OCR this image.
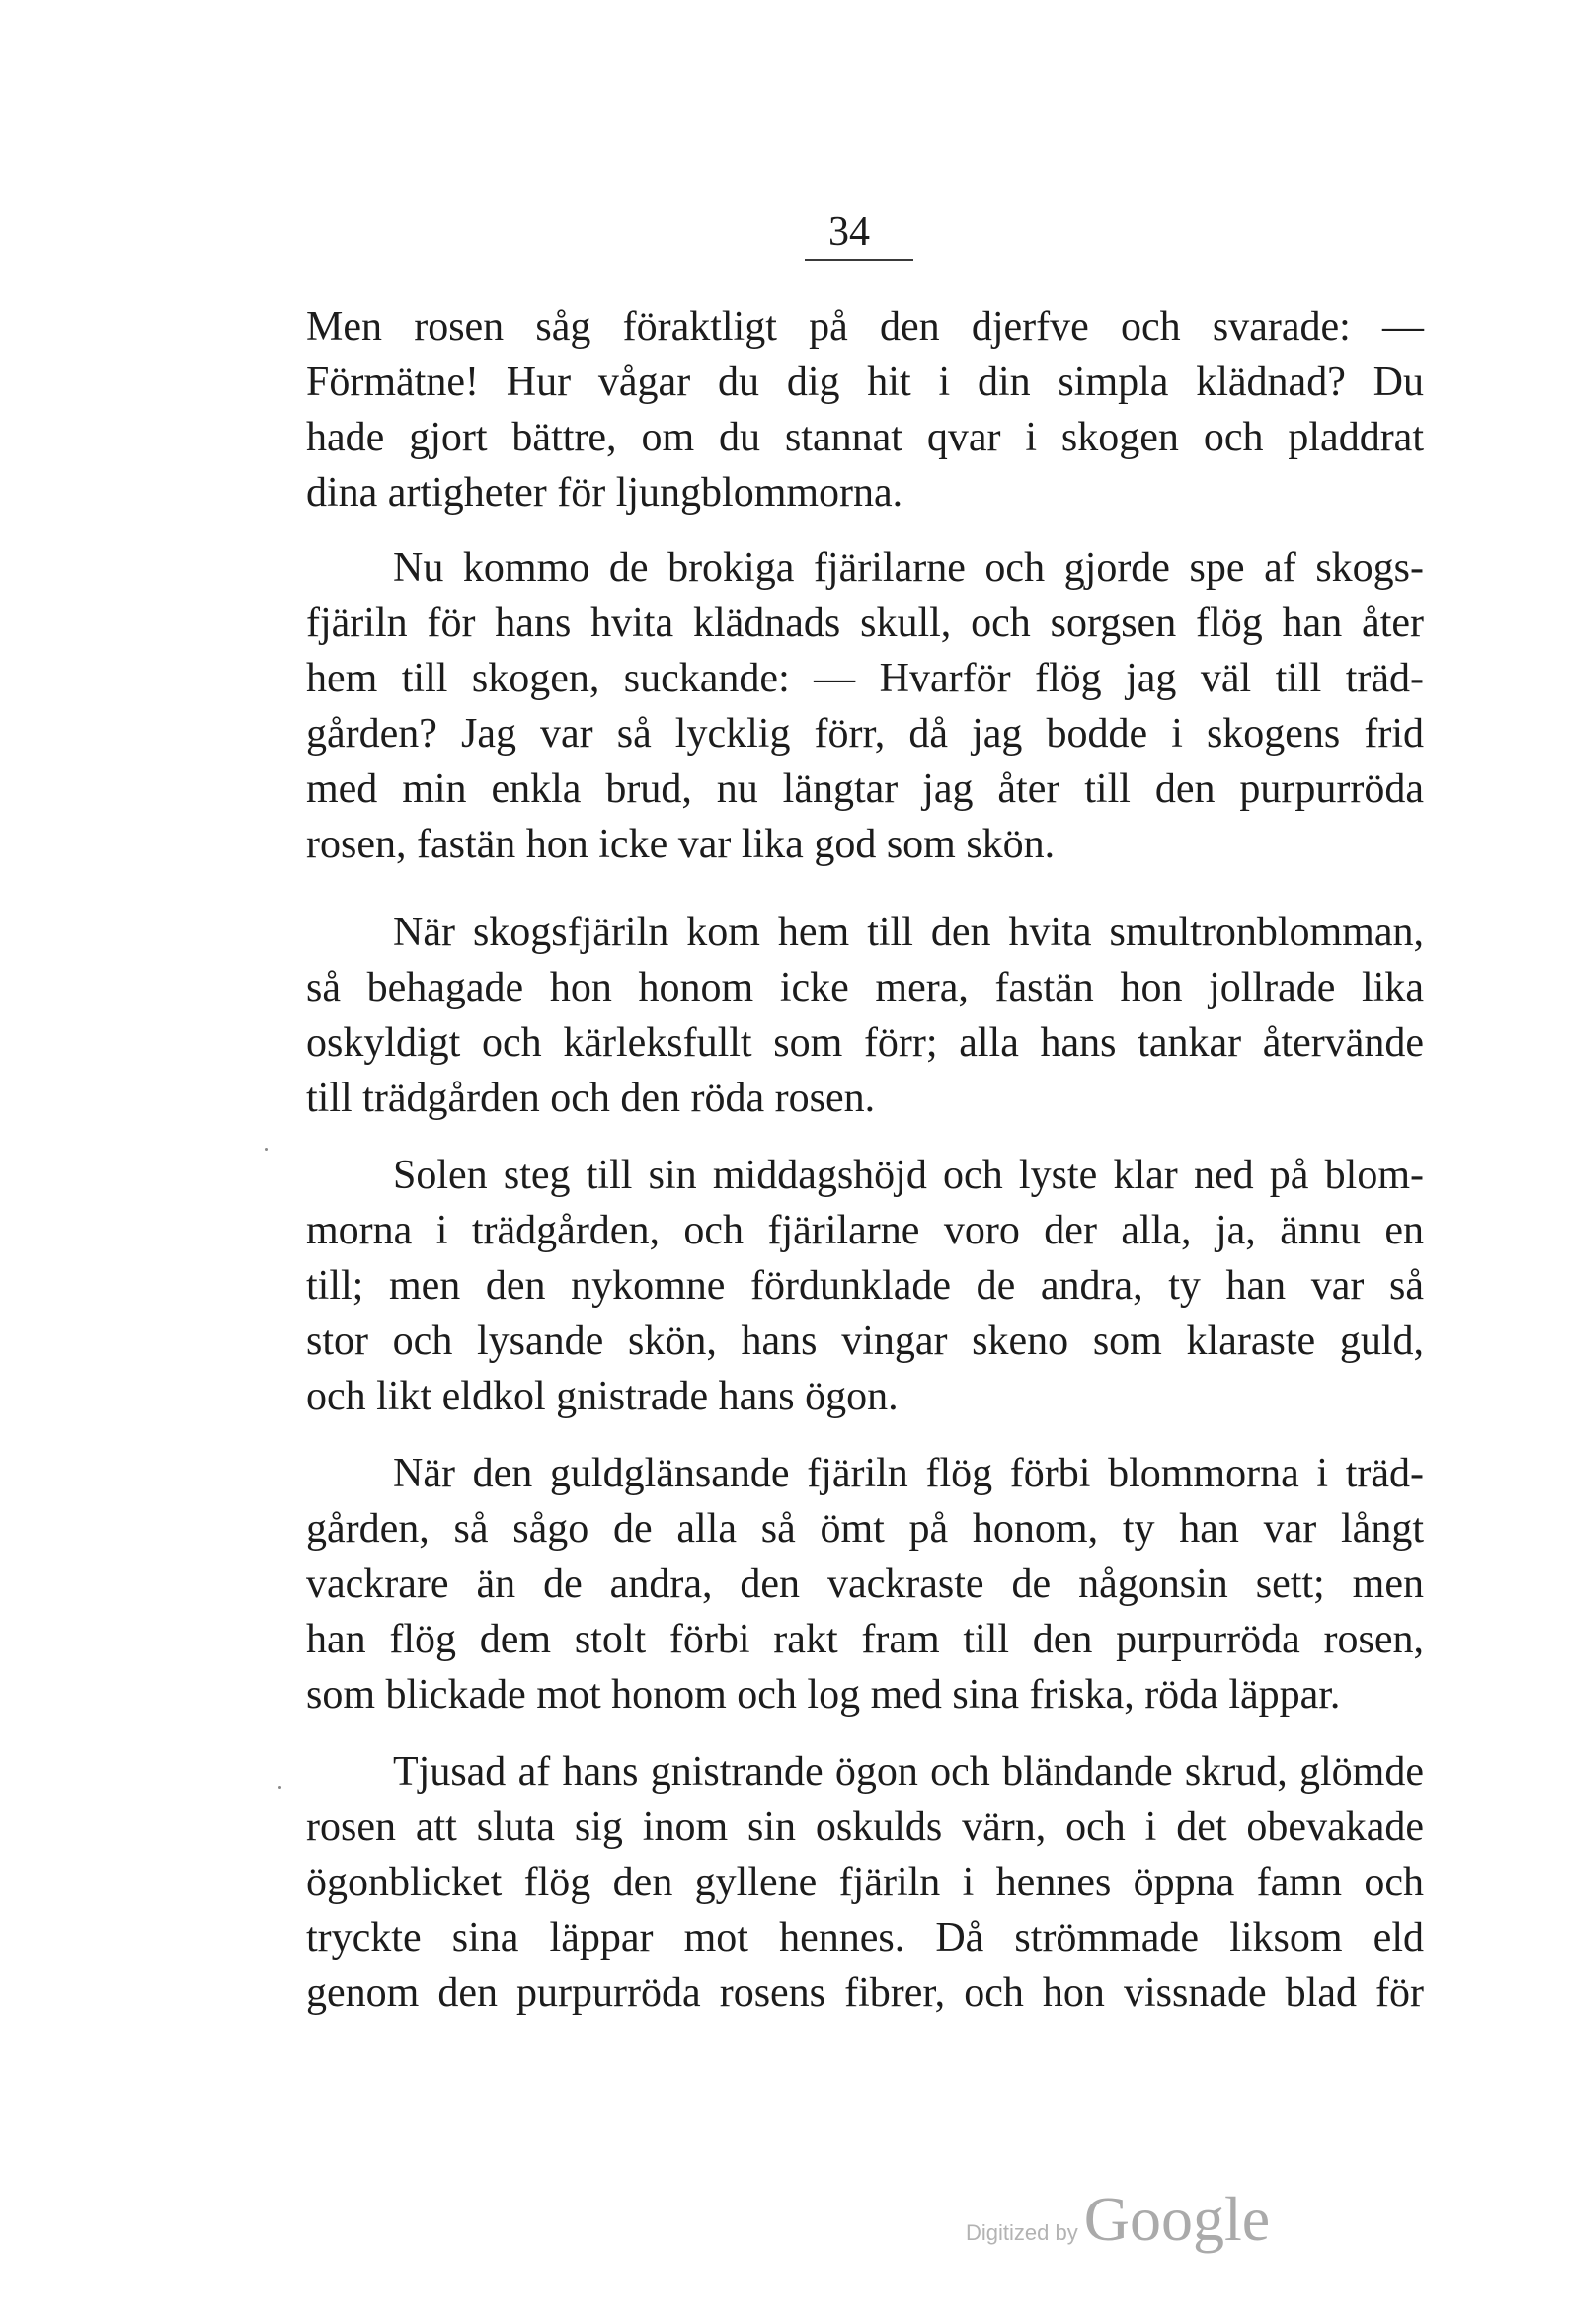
34
Men rosen såg föraktligt på den djerfve och svarade: —
Förmätne! Hur vågar du dig hit i din simpla klädnad? Du
hade gjort bättre, om du stannat qvar i skogen och pladdrat
dina artigheter för ljungblommorna.
Nu kommo de brokiga fjärilarne och gjorde spe af skogs-
fjäriln för hans hvita klädnads skull, och sorgsen flög han åter
hem till skogen, suckande: — Hvarför flög jag väl till träd-
gården? Jag var så lycklig förr, då jag bodde i skogens frid
med min enkla brud, nu längtar jag åter till den purpurröda
rosen, fastän hon icke var lika god som skön.
När skogsfjäriln kom hem till den hvita smultronblomman,
så behagade hon honom icke mera, fastän hon jollrade lika
oskyldigt och kärleksfullt som förr; alla hans tankar återvände
till trädgården och den röda rosen.
Solen steg till sin middagshöjd och lyste klar ned på blom-
morna i trädgården, och fjärilarne voro der alla, ja, ännu en
till; men den nykomne fördunklade de andra, ty han var så
stor och lysande skön, hans vingar skeno som klaraste guld,
och likt eldkol gnistrade hans ögon.
När den guldglänsande fjäriln flög förbi blommorna i träd-
gården, så sågo de alla så ömt på honom, ty han var långt
vackrare än de andra, den vackraste de någonsin sett; men
han flög dem stolt förbi rakt fram till den purpurröda rosen,
som blickade mot honom och log med sina friska, röda läppar.
Tjusad af hans gnistrande ögon och bländande skrud, glömde
rosen att sluta sig inom sin oskulds värn, och i det obevakade
ögonblicket flög den gyllene fjäriln i hennes öppna famn och
tryckte sina läppar mot hennes. Då strömmade liksom eld
genom den purpurröda rosens fibrer, och hon vissnade blad för
Digitized by Google
